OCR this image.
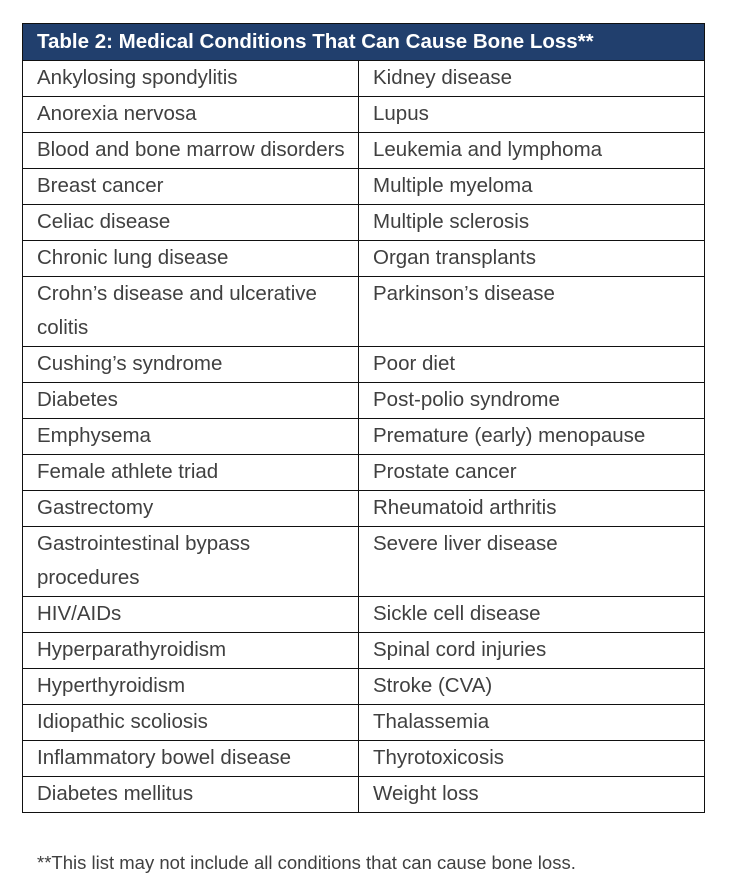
Table 2: Medical Conditions That Can Cause Bone Loss**	

Ankylosing spondylitis	Kidney disease

Anorexia nervosa	Lupus

Blood and bone marrow disorders	Leukemia and lymphoma

Breast cancer	Multiple myeloma

Celiac disease	Multiple sclerosis

Chronic lung disease	Organ transplants

Crohn’s disease and ulcerative colitis	Parkinson’s disease

Cushing’s syndrome	Poor diet

Diabetes	Post-polio syndrome

Emphysema	Premature (early) menopause

Female athlete triad	Prostate cancer

Gastrectomy	Rheumatoid arthritis

Gastrointestinal bypass procedures	Severe liver disease

HIV/AIDs	Sickle cell disease

Hyperparathyroidism	Spinal cord injuries

Hyperthyroidism	Stroke (CVA)

Idiopathic scoliosis	Thalassemia

Inflammatory bowel disease	Thyrotoxicosis

Diabetes mellitus	Weight loss
**This list may not include all conditions that can cause bone loss.
